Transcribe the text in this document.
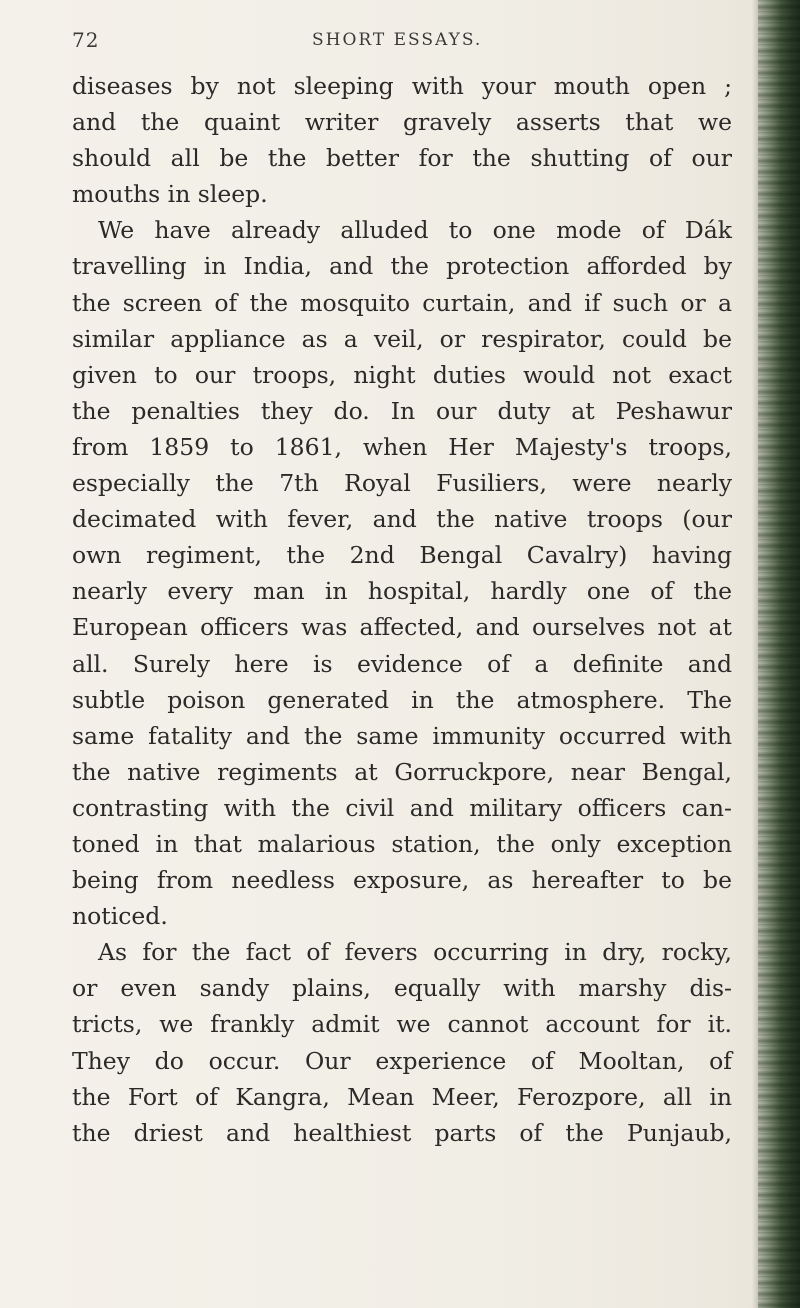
72	SHORT ESSAYS.
diseases by not sleeping with your mouth open ;
and the quaint writer gravely asserts that we
should all be the better for the shutting of our
mouths in sleep.
We have already alluded to one mode of Dák
travelling in India, and the protection afforded by
the screen of the mosquito curtain, and if such or a
similar appliance as a veil, or respirator, could be
given to our troops, night duties would not exact
the penalties they do. In our duty at Peshawur
from 1859 to 1861, when Her Majesty's troops,
especially the 7th Royal Fusiliers, were nearly
decimated with fever, and the native troops (our
own regiment, the 2nd Bengal Cavalry) having
nearly every man in hospital, hardly one of the
European officers was affected, and ourselves not at
all. Surely here is evidence of a definite and
subtle poison generated in the atmosphere. The
same fatality and the same immunity occurred with
the native regiments at Gorruckpore, near Bengal,
contrasting with the civil and military officers can-
toned in that malarious station, the only exception
being from needless exposure, as hereafter to be
noticed.
As for the fact of fevers occurring in dry, rocky,
or even sandy plains, equally with marshy dis-
tricts, we frankly admit we cannot account for it.
They do occur. Our experience of Mooltan, of
the Fort of Kangra, Mean Meer, Ferozpore, all in
the driest and healthiest parts of the Punjaub,
